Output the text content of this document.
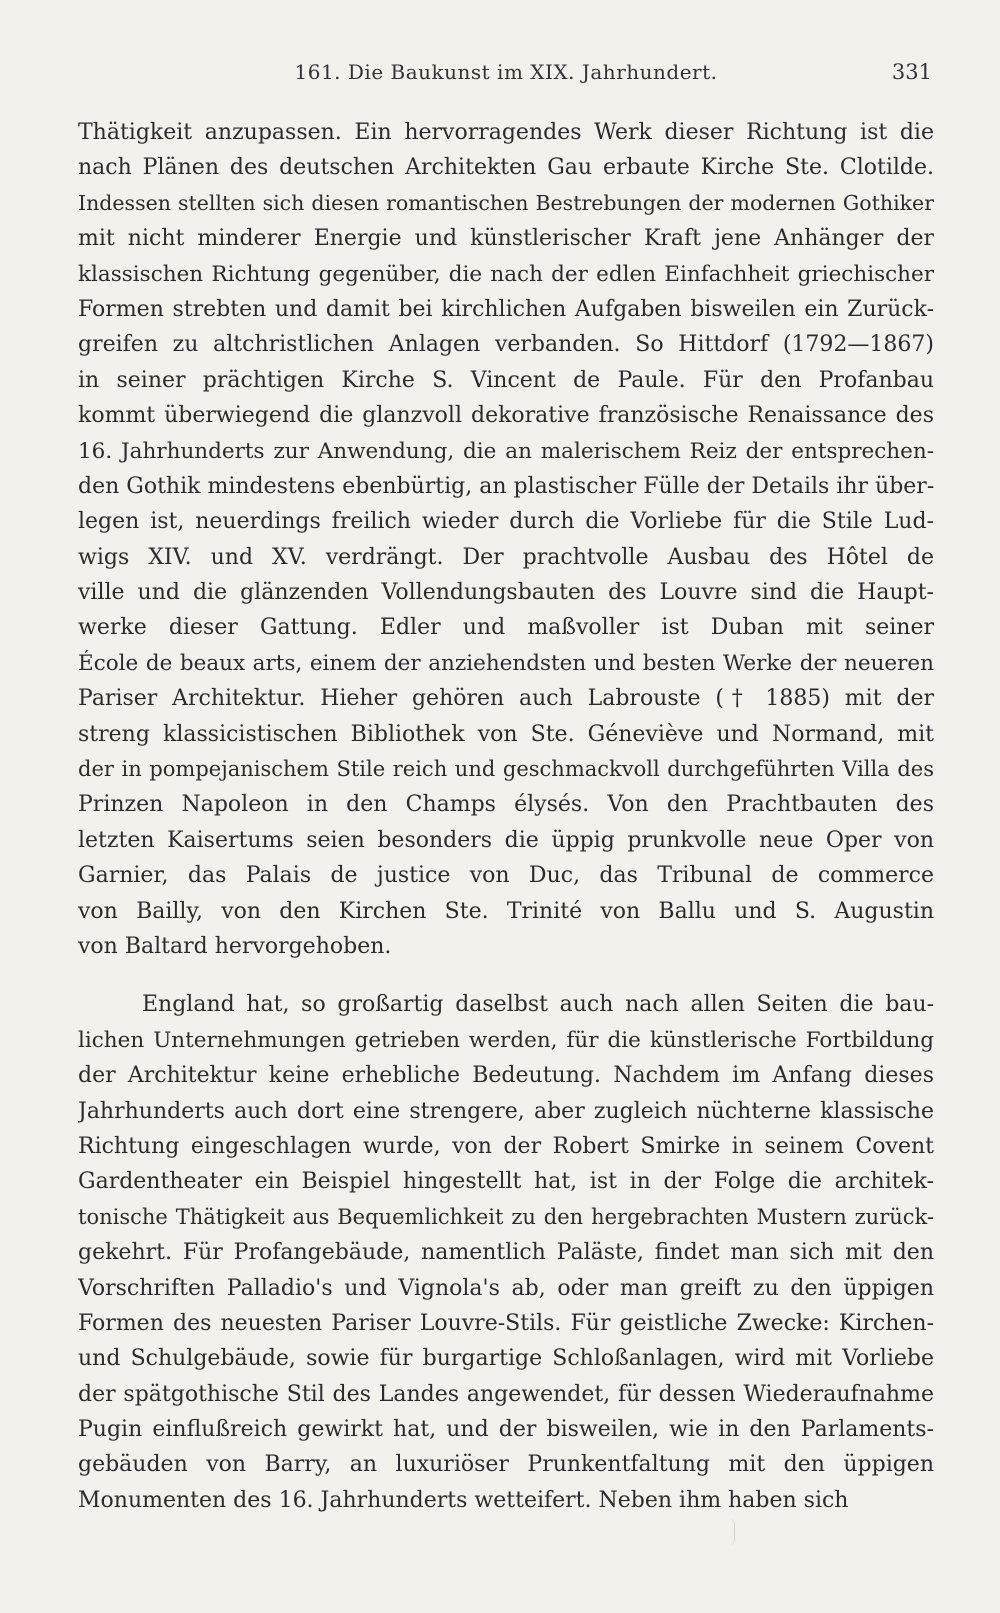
161. Die Baukunst im XIX. Jahrhundert.	331
Thätigkeit anzupassen. Ein hervorragendes Werk dieser Richtung ist die
nach Plänen des deutschen Architekten Gau erbaute Kirche Ste. Clotilde.
Indessen stellten sich diesen romantischen Bestrebungen der modernen Gothiker
mit nicht minderer Energie und künstlerischer Kraft jene Anhänger der
klassischen Richtung gegenüber, die nach der edlen Einfachheit griechischer
Formen strebten und damit bei kirchlichen Aufgaben bisweilen ein Zurück-
greifen zu altchristlichen Anlagen verbanden. So Hittdorf (1792—1867)
in seiner prächtigen Kirche S. Vincent de Paule. Für den Profanbau
kommt überwiegend die glanzvoll dekorative französische Renaissance des
16. Jahrhunderts zur Anwendung, die an malerischem Reiz der entsprechen-
den Gothik mindestens ebenbürtig, an plastischer Fülle der Details ihr über-
legen ist, neuerdings freilich wieder durch die Vorliebe für die Stile Lud-
wigs XIV. und XV. verdrängt. Der prachtvolle Ausbau des Hôtel de
ville und die glänzenden Vollendungsbauten des Louvre sind die Haupt-
werke dieser Gattung. Edler und maßvoller ist Duban mit seiner
École de beaux arts, einem der anziehendsten und besten Werke der neueren
Pariser Architektur. Hieher gehören auch Labrouste († 1885) mit der
streng klassicistischen Bibliothek von Ste. Géneviève und Normand, mit
der in pompejanischem Stile reich und geschmackvoll durchgeführten Villa des
Prinzen Napoleon in den Champs élysés. Von den Prachtbauten des
letzten Kaisertums seien besonders die üppig prunkvolle neue Oper von
Garnier, das Palais de justice von Duc, das Tribunal de commerce
von Bailly, von den Kirchen Ste. Trinité von Ballu und S. Augustin
von Baltard hervorgehoben.
England hat, so großartig daselbst auch nach allen Seiten die bau-
lichen Unternehmungen getrieben werden, für die künstlerische Fortbildung
der Architektur keine erhebliche Bedeutung. Nachdem im Anfang dieses
Jahrhunderts auch dort eine strengere, aber zugleich nüchterne klassische
Richtung eingeschlagen wurde, von der Robert Smirke in seinem Covent
Gardentheater ein Beispiel hingestellt hat, ist in der Folge die architek-
tonische Thätigkeit aus Bequemlichkeit zu den hergebrachten Mustern zurück-
gekehrt. Für Profangebäude, namentlich Paläste, findet man sich mit den
Vorschriften Palladio's und Vignola's ab, oder man greift zu den üppigen
Formen des neuesten Pariser Louvre-Stils. Für geistliche Zwecke: Kirchen-
und Schulgebäude, sowie für burgartige Schloßanlagen, wird mit Vorliebe
der spätgothische Stil des Landes angewendet, für dessen Wiederaufnahme
Pugin einflußreich gewirkt hat, und der bisweilen, wie in den Parlaments-
gebäuden von Barry, an luxuriöser Prunkentfaltung mit den üppigen
Monumenten des 16. Jahrhunderts wetteifert. Neben ihm haben sich
